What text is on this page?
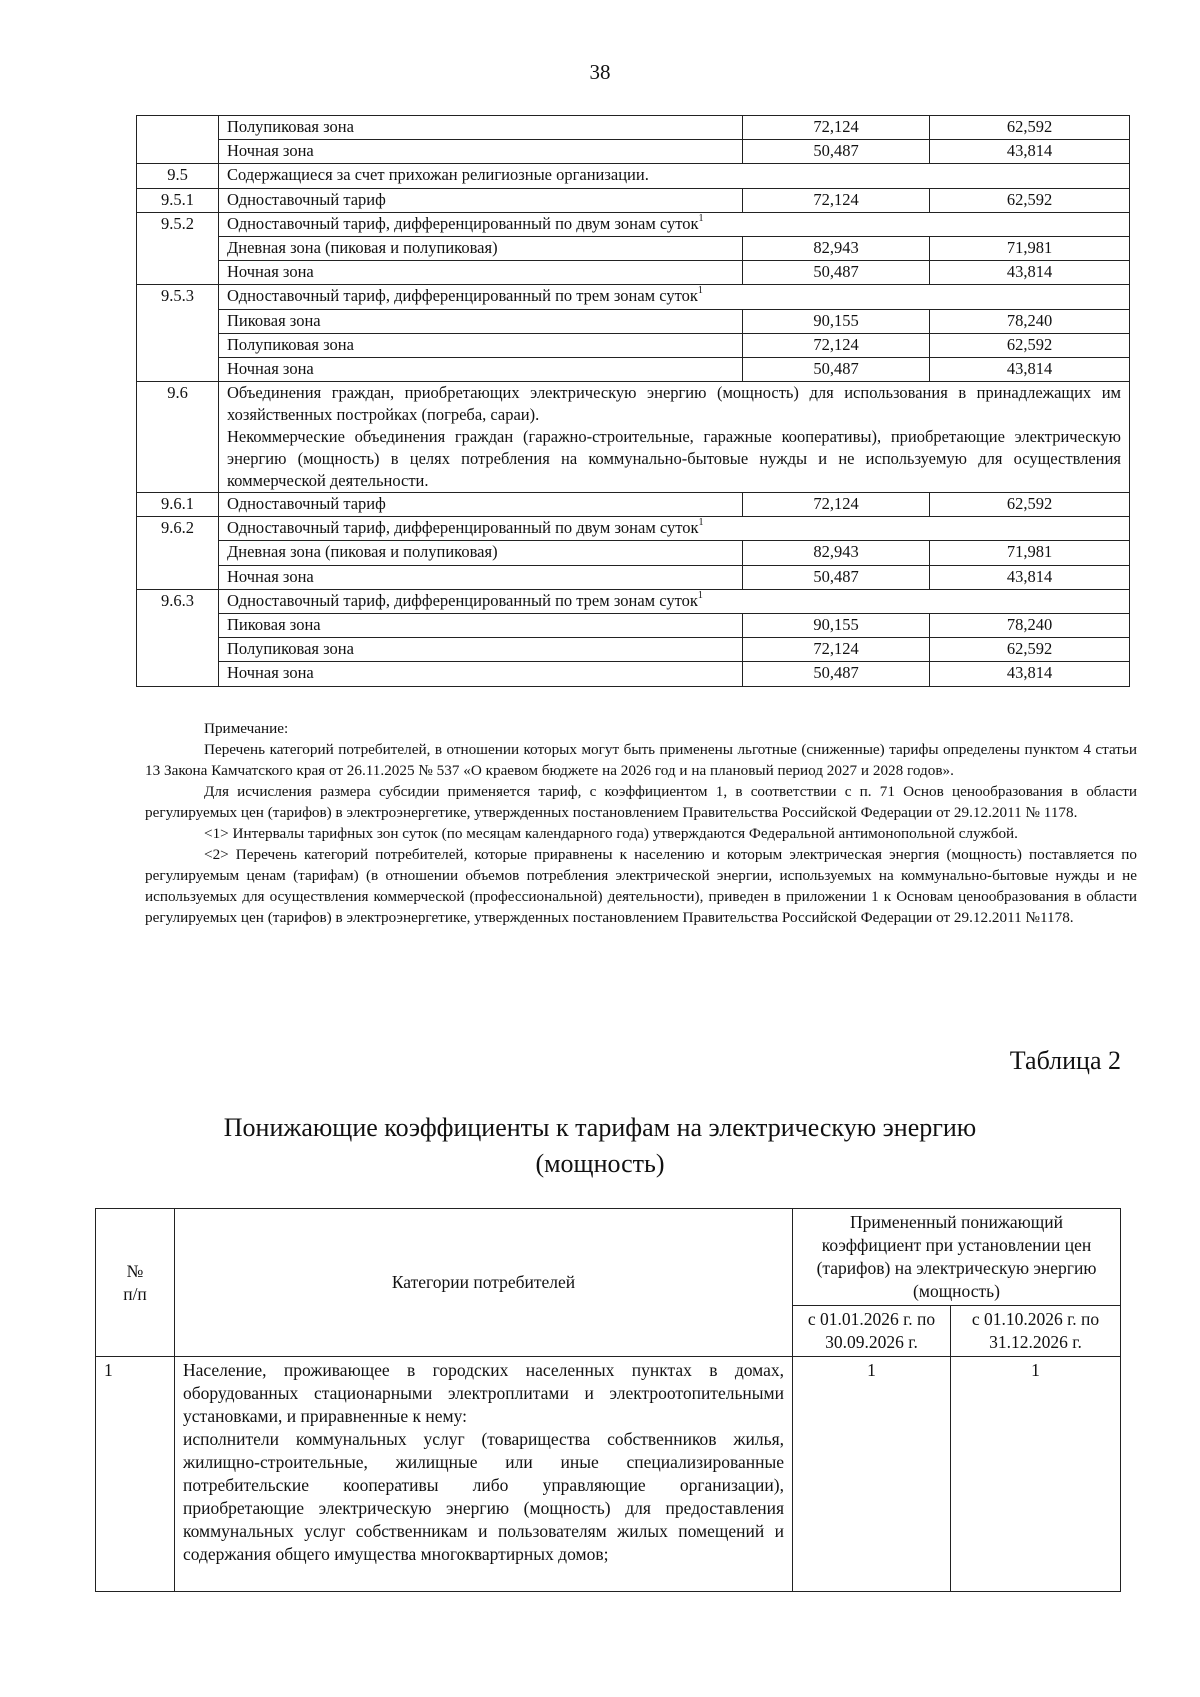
38
	Полупиковая зона	72,124	62,592
	Ночная зона	50,487	43,814
9.5	Содержащиеся за счет прихожан религиозные организации.		
9.5.1	Одноставочный тариф	72,124	62,592
9.5.2	Одноставочный тариф, дифференцированный по двум зонам суток$^1$
	Дневная зона (пиковая и полупиковая)	82,943	71,981
	Ночная зона	50,487	43,814
9.5.3	Одноставочный тариф, дифференцированный по трем зонам суток$^1$
	Пиковая зона	90,155	78,240
	Полупиковая зона	72,124	62,592
	Ночная зона	50,487	43,814
9.6	Объединения граждан, приобретающих электрическую энергию (мощность) для использования в принадлежащих им хозяйственных постройках (погреба, сараи).
Некоммерческие объединения граждан (гаражно-строительные, гаражные кооперативы), приобретающие электрическую энергию (мощность) в целях потребления на коммунально-бытовые нужды и не используемую для осуществления коммерческой деятельности.		

9.6.1	Одноставочный тариф	72,124	62,592
9.6.2	Одноставочный тариф, дифференцированный по двум зонам суток$^1$
	Дневная зона (пиковая и полупиковая)	82,943	71,981
	Ночная зона	50,487	43,814
9.6.3	Одноставочный тариф, дифференцированный по трем зонам суток$^1$
	Пиковая зона	90,155	78,240
	Полупиковая зона	72,124	62,592
	Ночная зона	50,487	43,814
Примечание:

Перечень категорий потребителей, в отношении которых могут быть применены льготные (сниженные) тарифы определены пунктом 4 статьи 13 Закона Камчатского края от 26.11.2025 № 537 «О краевом бюджете на 2026 год и на плановый период 2027 и 2028 годов».

Для исчисления размера субсидии применяется тариф, с коэффициентом 1, в соответствии с п. 71 Основ ценообразования в области регулируемых цен (тарифов) в электроэнергетике, утвержденных постановлением Правительства Российской Федерации от 29.12.2011 № 1178.

<1> Интервалы тарифных зон суток (по месяцам календарного года) утверждаются Федеральной антимонопольной службой.

<2> Перечень категорий потребителей, которые приравнены к населению и которым электрическая энергия (мощность) поставляется по регулируемым ценам (тарифам) (в отношении объемов потребления электрической энергии, используемых на коммунально-бытовые нужды и не используемых для осуществления коммерческой (профессиональной) деятельности), приведен в приложении 1 к Основам ценообразования в области регулируемых цен (тарифов) в электроэнергетике, утвержденных постановлением Правительства Российской Федерации от 29.12.2011 №1178.

Таблица 2
Понижающие коэффициенты к тарифам на электрическую энергию
(мощность)
№ п/п	Категории потребителей	Примененный понижающий коэффициент при установлении цен (тарифов) на электрическую энергию (мощность)	

		с 01.01.2026 г. по 30.09.2026 г.	с 01.10.2026 г. по 31.12.2026 г.
1	Население, проживающее в городских населенных пунктах в домах, оборудованных стационарными электроплитами и электроотопительными установками, и приравненные к нему:
исполнители коммунальных услуг (товарищества собственников жилья, жилищно-строительные, жилищные или иные специализированные потребительские кооперативы либо управляющие организации), приобретающие электрическую энергию (мощность) для предоставления коммунальных услуг собственникам и пользователям жилых помещений и содержания общего имущества многоквартирных домов;	1	1
